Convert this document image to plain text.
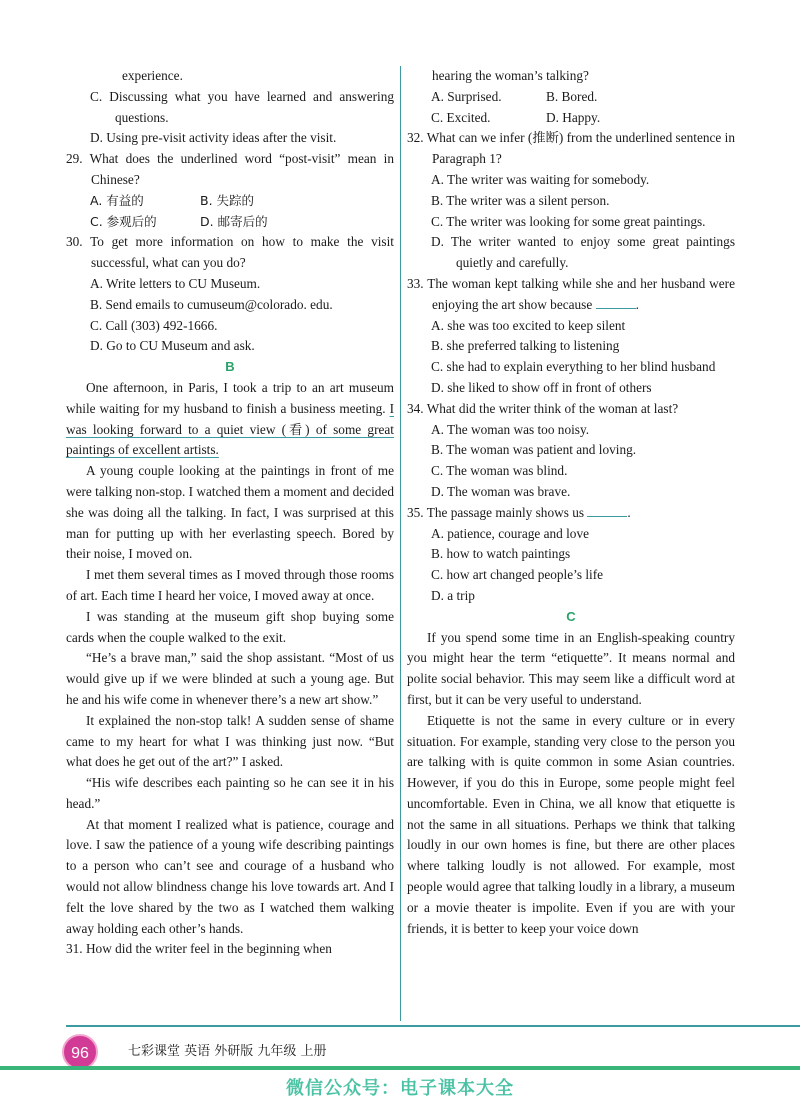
experience.

C. Discussing what you have learned and answering questions.

D. Using pre-visit activity ideas after the visit.

29. What does the underlined word “post-visit” mean in Chinese?

A. 有益的	B. 失踪的

C. 参观后的	D. 邮寄后的

30. To get more information on how to make the visit successful, what can you do?

A. Write letters to CU Museum.

B. Send emails to cumuseum@colorado. edu.

C. Call (303) 492-1666.

D. Go to CU Museum and ask.

B

One afternoon, in Paris, I took a trip to an art museum while waiting for my husband to finish a business meeting. I was looking forward to a quiet view (看) of some great paintings of excellent artists.

A young couple looking at the paintings in front of me were talking non-stop. I watched them a moment and decided she was doing all the talking. In fact, I was surprised at this man for putting up with her everlasting speech. Bored by their noise, I moved on.

I met them several times as I moved through those rooms of art. Each time I heard her voice, I moved away at once.

I was standing at the museum gift shop buying some cards when the couple walked to the exit.

“He’s a brave man,” said the shop assistant. “Most of us would give up if we were blinded at such a young age. But he and his wife come in whenever there’s a new art show.”

It explained the non-stop talk! A sudden sense of shame came to my heart for what I was thinking just now. “But what does he get out of the art?” I asked.

“His wife describes each painting so he can see it in his head.”

At that moment I realized what is patience, courage and love. I saw the patience of a young wife describing paintings to a person who can’t see and courage of a husband who would not allow blindness change his love towards art. And I felt the love shared by the two as I watched them walking away holding each other’s hands.

31. How did the writer feel in the beginning when

hearing the woman’s talking?

A. Surprised.	B. Bored.

C. Excited.	D. Happy.

32. What can we infer (推断) from the underlined sentence in Paragraph 1?

A. The writer was waiting for somebody.

B. The writer was a silent person.

C. The writer was looking for some great paintings.

D. The writer wanted to enjoy some great paintings quietly and carefully.

33. The woman kept talking while she and her husband were enjoying the art show because	.

A. she was too excited to keep silent

B. she preferred talking to listening

C. she had to explain everything to her blind husband

D. she liked to show off in front of others

34. What did the writer think of the woman at last?

A. The woman was too noisy.

B. The woman was patient and loving.

C. The woman was blind.

D. The woman was brave.

35. The passage mainly shows us	.

A. patience, courage and love

B. how to watch paintings

C. how art changed people’s life

D. a trip

C

If you spend some time in an English-speaking country you might hear the term “etiquette”. It means normal and polite social behavior. This may seem like a difficult word at first, but it can be very useful to understand.

Etiquette is not the same in every culture or in every situation. For example, standing very close to the person you are talking with is quite common in some Asian countries. However, if you do this in Europe, some people might feel uncomfortable. Even in China, we all know that etiquette is not the same in all situations. Perhaps we think that talking loudly in our own homes is fine, but there are other places where talking loudly is not allowed. For example, most people would agree that talking loudly in a library, a museum or a movie theater is impolite. Even if you are with your friends, it is better to keep your voice down

96	七彩课堂 英语 外研版 九年级 上册
微信公众号：电子课本大全
